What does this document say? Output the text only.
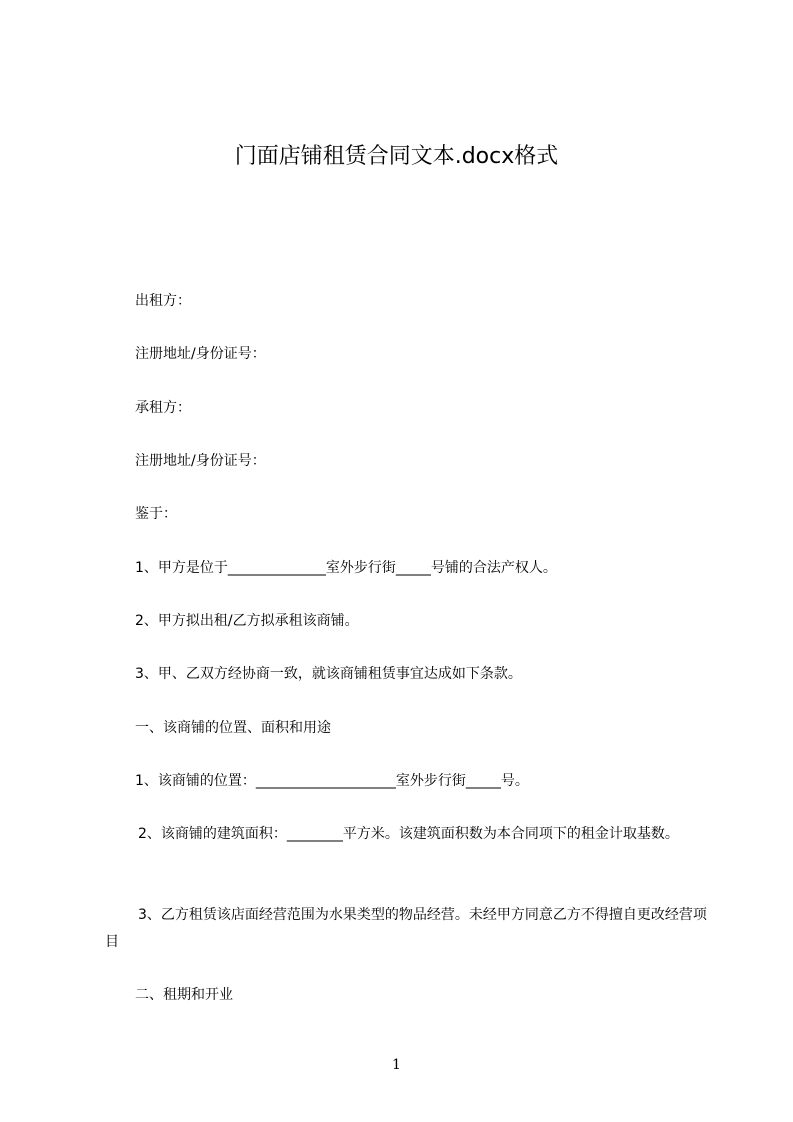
门面店铺租赁合同文本.docx格式

出租方：

注册地址/身份证号：

承租方：

注册地址/身份证号：

鉴于：

1、甲方是位于______________室外步行街_____号铺的合法产权人。

2、甲方拟出租/乙方拟承租该商铺。

3、甲、乙双方经协商一致，就该商铺租赁事宜达成如下条款。

一、该商铺的位置、面积和用途

1、该商铺的位置：____________________室外步行街_____号。

2、该商铺的建筑面积：________平方米。该建筑面积数为本合同项下的租金计取基数。

3、乙方租赁该店面经营范围为水果类型的物品经营。未经甲方同意乙方不得擅自更改经营项目

二、租期和开业

1
